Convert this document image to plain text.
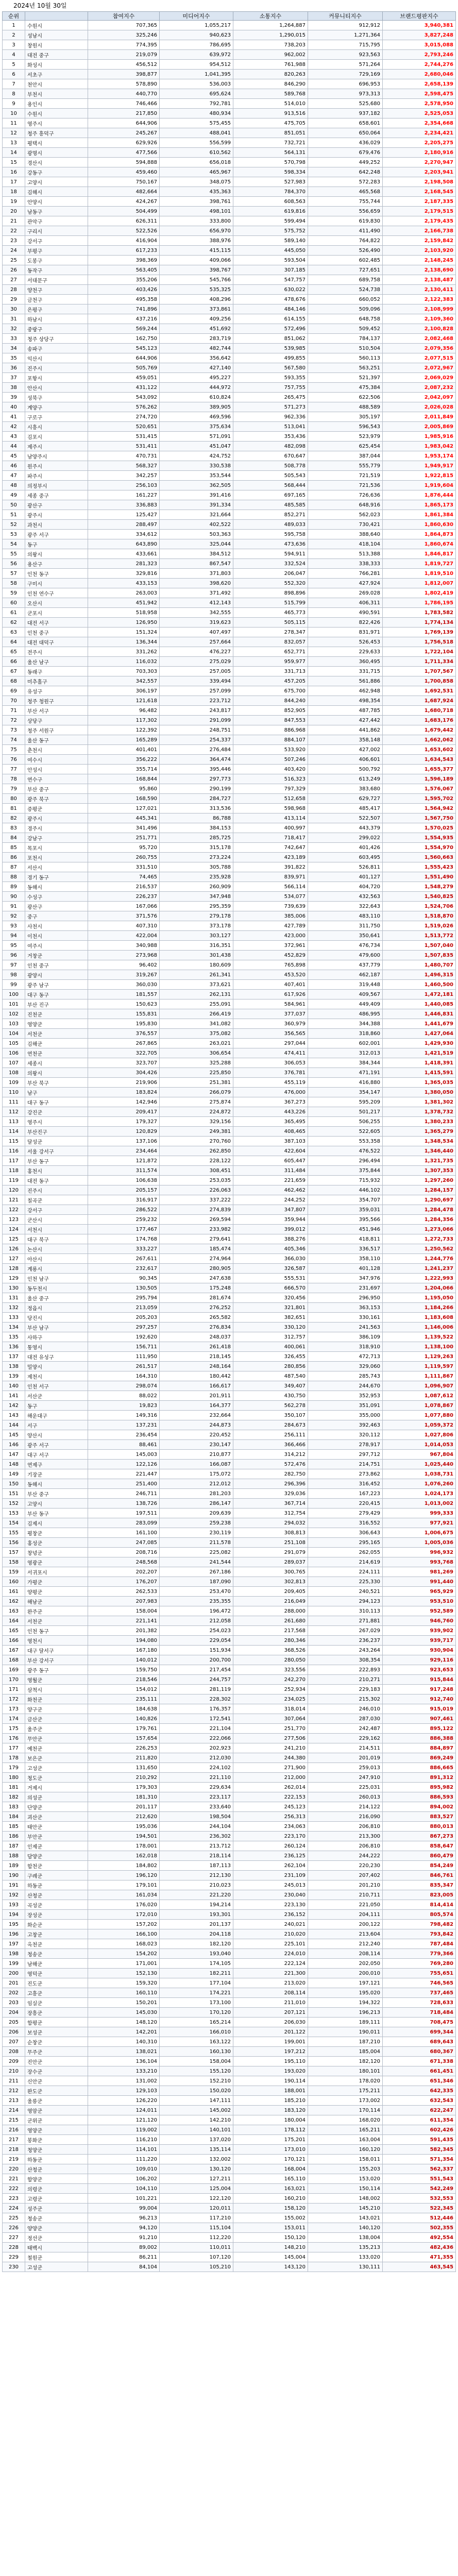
2024년 10월 30일
순위		참여지수	미디어지수	소통지수	커뮤니티지수	브랜드평판지수
1	수원시	707,365	1,055,217	1,264,887	912,912	3,940,381
2	성남시	325,246	940,623	1,290,015	1,271,364	3,827,248
3	창원시	774,395	786,695	738,203	715,795	3,015,088
4	대전 중구	219,079	639,972	962,002	923,563	2,793,246
5	화성시	456,512	954,512	761,988	571,264	2,744,276
6	서초구	398,877	1,041,395	820,263	729,169	2,680,046
7	천안시	578,890	536,003	846,290	696,953	2,658,139
8	부천시	440,770	695,624	589,768	973,313	2,598,475
9	용인시	746,466	792,781	514,010	525,680	2,578,950
10	수원시	217,850	480,934	913,516	937,182	2,525,053
11	영주시	644,906	575,455	475,705	658,601	2,354,668
12	청주 흥덕구	245,267	488,041	851,051	650,064	2,234,421
13	평택시	629,926	556,599	732,721	436,029	2,205,275
14	광명시	477,566	610,562	564,131	679,476	2,180,916
15	경산시	594,888	656,018	570,798	449,252	2,270,947
16	강동구	459,460	465,967	598,334	642,248	2,203,941
17	고양시	750,167	348,075	527,983	572,283	2,198,508
18	김해시	482,664	435,363	784,370	465,568	2,168,545
19	안양시	424,267	398,761	608,563	755,744	2,187,335
20	남동구	504,499	498,101	619,816	556,659	2,179,515
21	관악구	626,311	333,800	599,494	619,830	2,179,435
22	구리시	522,526	656,970	575,752	411,490	2,166,738
23	강서구	416,904	388,976	589,140	764,822	2,159,842
24	부평구	617,233	415,115	445,050	526,490	2,103,920
25	도봉구	398,369	409,066	593,504	602,485	2,148,245
26	동작구	563,405	398,767	307,185	727,651	2,138,690
27	서대문구	355,206	545,766	547,757	689,758	2,138,487
28	양천구	403,426	535,325	630,022	524,738	2,130,411
29	금천구	495,358	408,296	478,676	660,052	2,122,383
30	은평구	741,896	373,861	484,146	509,096	2,108,999
31	하남시	437,216	409,256	614,155	648,758	2,109,360
32	중랑구	569,244	451,692	572,496	509,452	2,100,828
33	청주 상당구	162,750	283,719	851,062	784,137	2,082,468
34	송파구	545,123	482,744	539,985	510,504	2,079,356
35	익산시	644,906	356,642	499,855	560,113	2,077,515
36	진주시	505,769	427,140	567,580	563,251	2,072,967
37	포항시	459,051	495,227	593,355	521,397	2,069,029
38	안산시	431,122	444,972	757,755	475,384	2,087,232
39	성북구	543,092	610,824	265,475	622,506	2,042,097
40	계양구	576,262	389,905	571,273	488,589	2,026,028
41	구로구	274,720	469,596	962,336	305,197	2,011,849
42	시흥시	520,651	375,634	513,041	596,543	2,005,869
43	김포시	531,415	571,091	353,436	523,979	1,985,916
44	제주시	531,411	451,047	482,098	625,454	1,983,042
45	남양주시	470,731	424,752	670,647	387,044	1,953,174
46	원주시	568,327	330,538	508,778	555,779	1,949,917
47	파주시	342,257	353,544	505,543	721,519	1,922,815
48	의정부시	256,103	362,505	568,444	721,536	1,919,604
49	세종 중구	161,227	391,416	697,165	726,636	1,876,444
50	광산구	336,883	391,334	485,585	648,916	1,865,173
51	광주시	125,427	321,664	852,271	562,023	1,861,384
52	과천시	288,497	402,522	489,033	730,421	1,860,630
53	광주 서구	334,612	503,363	595,758	388,640	1,864,873
54	동구	643,890	325,044	473,636	418,104	1,860,674
55	의왕시	433,661	384,512	594,911	513,388	1,846,817
56	용산구	281,323	867,547	332,524	338,333	1,819,727
57	인천 동구	329,816	371,803	206,047	766,281	1,819,510
58	구미시	433,153	398,620	552,320	427,924	1,812,007
59	인천 연수구	263,003	371,492	898,896	269,028	1,802,419
60	오산시	451,942	412,143	515,799	406,311	1,786,195
61	군포시	518,958	342,555	465,773	490,591	1,783,582
62	대전 서구	126,950	319,623	505,115	822,426	1,774,134
63	인천 중구	151,324	407,497	278,347	831,971	1,769,139
64	대전 대덕구	136,344	257,664	832,057	526,453	1,756,518
65	전주시	331,262	476,227	652,771	229,633	1,722,104
66	울산 남구	116,032	275,029	959,977	360,495	1,711,334
67	동래구	703,303	257,005	331,713	331,715	1,707,567
68	미추홀구	342,557	339,494	457,205	561,886	1,700,858
69	유성구	306,197	257,099	675,700	462,948	1,692,531
70	청주 청원구	121,618	223,712	844,240	498,354	1,687,924
71	부산 서구	96,482	243,817	852,905	487,785	1,680,718
72	상당구	117,302	291,099	847,553	427,442	1,683,176
73	청주 서원구	122,392	248,751	886,968	441,862	1,679,442
74	울산 동구	165,289	254,337	884,107	358,148	1,662,062
75	춘천시	401,401	276,484	533,920	427,002	1,653,602
76	여수시	356,222	364,474	507,246	406,601	1,634,543
77	안성시	355,714	395,446	403,420	500,792	1,655,377
78	연수구	168,844	297,773	516,323	613,249	1,596,189
79	부산 중구	95,860	290,199	797,329	383,680	1,576,067
80	광주 북구	168,590	284,727	512,658	629,727	1,595,702
81	증평군	127,021	313,536	598,968	485,417	1,564,942
82	광주시	445,341	86,788	413,114	522,507	1,567,750
83	경주시	341,496	384,153	400,997	443,379	1,570,025
84	강남구	251,771	285,725	718,417	299,022	1,554,935
85	목포시	95,720	315,178	742,647	401,426	1,554,970
86	포천시	260,755	273,224	423,189	603,495	1,560,663
87	서산시	331,510	305,788	391,822	526,811	1,555,423
88	경기 동구	74,465	235,928	839,971	401,127	1,551,490
89	동해시	216,537	260,909	566,114	404,720	1,548,279
90	수성구	226,237	347,948	534,077	432,563	1,540,825
91	광산구	167,066	295,359	739,639	322,643	1,524,706
92	중구	371,576	279,178	385,006	483,110	1,518,870
93	사천시	407,310	373,178	427,789	311,750	1,519,026
94	이천시	422,004	303,127	423,000	350,641	1,513,772
95	여주시	340,988	316,351	372,961	476,734	1,507,040
96	거창군	273,968	301,438	452,829	479,600	1,507,835
97	인천 중구	96,402	180,609	765,898	437,779	1,480,707
98	광양시	319,267	261,341	453,520	462,187	1,496,315
99	광주 남구	360,030	373,621	407,401	319,448	1,460,500
100	대구 동구	181,557	262,131	617,926	409,567	1,472,181
101	부산 진구	150,623	255,091	584,961	449,409	1,440,085
102	진천군	155,831	266,419	377,037	486,995	1,446,831
103	영양군	195,830	341,082	360,979	344,388	1,441,679
104	서천군	376,557	375,082	356,565	318,860	1,427,064
105	김해군	267,865	263,021	297,044	602,001	1,429,930
106	연천군	322,705	306,654	474,411	312,013	1,421,519
107	세종시	323,707	325,288	306,053	384,344	1,418,391
108	의왕시	304,426	225,850	376,781	471,191	1,415,591
109	부산 북구	219,906	251,381	455,119	416,880	1,365,035
110	남구	183,824	266,079	476,000	354,147	1,380,050
111	대구 동구	142,946	275,874	367,273	595,209	1,381,302
112	강진군	209,417	224,872	443,226	501,217	1,378,732
113	영주시	179,327	329,156	365,495	506,255	1,380,233
114	부산진구	120,829	249,381	408,465	522,605	1,365,279
115	달성군	137,106	270,760	387,103	553,358	1,348,534
116	서울 강서구	234,464	262,850	422,604	476,522	1,346,440
117	부산 동구	121,872	228,122	605,447	296,494	1,321,735
118	홍천시	311,574	308,451	311,484	375,844	1,307,353
119	대전 동구	106,638	253,035	221,659	715,932	1,297,260
120	진주시	205,157	226,063	462,462	446,102	1,284,157
121	칠곡군	316,917	337,222	244,252	354,707	1,290,697
122	강서구	286,522	274,839	347,807	359,031	1,284,478
123	군산시	259,232	269,594	359,944	395,566	1,284,356
124	서천시	177,467	233,982	399,012	451,946	1,273,066
125	대구 북구	174,768	279,641	388,276	418,811	1,272,733
126	논산시	333,227	185,474	405,346	336,517	1,250,562
127	아산시	267,611	274,964	366,030	358,110	1,244,776
128	계룡시	232,617	280,905	326,587	401,128	1,241,237
129	인천 남구	90,345	247,638	555,531	347,976	1,222,993
130	동두천시	130,505	175,248	666,570	231,697	1,204,066
131	울산 중구	295,794	281,674	320,456	296,950	1,195,050
132	정읍시	213,059	276,252	321,801	363,153	1,184,266
133	당진시	205,203	265,582	382,651	330,161	1,183,608
134	부산 남구	297,257	276,834	330,120	241,563	1,146,006
135	사하구	192,620	248,037	312,757	386,109	1,139,522
136	통영시	156,711	261,418	400,061	318,910	1,138,100
137	대전 유성구	111,950	218,145	326,455	472,713	1,129,263
138	밀양시	261,517	248,164	280,856	329,060	1,119,597
139	제천시	164,310	180,442	487,540	285,743	1,111,867
140	인천 서구	298,074	166,617	349,407	244,670	1,096,907
141	서산군	88,022	201,911	430,750	352,953	1,087,612
142	동구	19,823	164,377	562,278	351,091	1,078,867
143	해운대구	149,316	232,664	350,107	355,000	1,077,880
144	서구	137,231	244,873	284,673	392,463	1,059,372
145	양산시	236,454	220,452	256,111	320,112	1,027,806
146	광주 서구	88,461	230,147	366,466	278,917	1,014,053
147	대구 서구	145,003	210,877	314,212	297,712	967,804
148	연제구	122,126	166,087	572,476	214,751	1,025,440
149	기장군	221,447	175,072	282,750	273,862	1,038,731
150	동해시	251,400	212,012	296,396	316,452	1,076,260
151	부산 중구	246,711	281,203	329,036	167,223	1,024,173
152	고양시	138,726	286,147	367,714	220,415	1,013,002
153	부산 동구	197,511	209,639	312,754	279,429	999,333
154	김제시	283,099	259,238	294,032	316,552	977,921
155	평창군	161,100	230,119	308,813	306,643	1,006,675
156	홍성군	247,085	211,578	251,108	295,165	1,005,036
157	창녕군	208,716	225,082	291,079	262,055	996,932
158	영광군	248,568	241,544	289,037	214,619	993,768
159	서귀포시	202,207	267,186	300,765	224,111	981,269
160	가평군	176,207	187,090	302,813	225,330	991,440
161	양평군	262,533	253,470	209,405	240,521	965,929
162	해남군	207,983	235,355	216,049	294,123	953,510
163	완주군	158,004	196,472	288,000	310,113	952,589
164	서천군	221,141	212,058	261,680	271,881	946,760
165	인천 동구	201,382	254,023	217,568	267,029	939,902
166	영천시	194,080	229,054	280,346	236,237	939,717
167	대구 달서구	167,180	151,934	368,526	243,264	930,904
168	부산 강서구	140,012	200,700	280,050	308,354	929,116
169	광주 동구	159,750	217,454	323,556	222,893	923,653
170	영월군	218,546	244,757	242,270	210,271	915,844
171	삼척시	154,012	281,119	252,934	229,183	917,248
172	화천군	235,111	228,302	234,025	215,302	912,740
173	양구군	184,638	176,357	318,014	246,010	915,019
174	금산군	140,826	172,541	307,064	287,030	907,461
175	울주군	179,761	221,104	251,770	242,487	895,122
176	무안군	157,654	222,066	277,506	229,162	886,388
177	예천군	226,253	202,923	241,210	214,511	884,897
178	보은군	211,820	212,030	244,380	201,019	869,249
179	고성군	131,650	224,102	271,900	259,013	886,665
180	청도군	210,292	221,110	212,000	247,910	891,312
181	거제시	179,303	229,634	262,014	225,031	895,982
182	의성군	181,310	223,117	222,153	260,013	886,593
183	단양군	201,117	233,640	245,123	214,122	894,002
184	괴산군	212,620	198,504	256,313	216,090	883,527
185	태안군	195,036	244,104	234,063	206,810	880,013
186	부안군	194,501	236,302	223,170	213,300	867,273
187	인제군	178,001	213,712	260,124	206,810	858,647
188	담양군	162,018	218,114	236,125	244,222	860,479
189	합천군	184,802	187,113	262,104	220,230	854,249
190	구례군	196,120	212,130	231,109	207,402	846,761
191	하동군	179,101	210,023	245,013	201,210	835,347
192	산청군	161,034	221,220	230,040	210,711	823,005
193	곡성군	176,020	194,214	223,130	221,050	814,414
194	장성군	172,010	193,301	236,152	204,111	805,574
195	화순군	157,202	201,137	240,021	200,122	798,482
196	고창군	166,100	204,118	210,020	213,604	793,842
197	옥천군	168,023	182,120	225,101	212,240	787,484
198	청송군	154,202	193,040	224,010	208,114	779,366
199	남해군	171,001	174,105	222,124	202,050	769,280
200	영덕군	152,130	182,211	221,300	200,010	755,651
201	진도군	159,320	177,104	213,020	197,121	746,565
202	고흥군	160,110	174,221	208,114	195,020	737,465
203	임실군	150,201	173,100	211,010	194,322	728,633
204	장흥군	145,030	170,120	207,121	196,213	718,484
205	함평군	148,120	165,214	206,030	189,111	708,475
206	보성군	142,201	166,010	201,122	190,011	699,344
207	순창군	140,310	163,122	199,001	187,210	689,643
208	무주군	138,021	160,130	197,212	185,004	680,367
209	진안군	136,104	158,004	195,110	182,120	671,338
210	장수군	133,210	155,120	193,020	180,101	661,451
211	신안군	131,002	152,210	190,114	178,020	651,346
212	완도군	129,103	150,020	188,001	175,211	642,335
213	울릉군	126,220	147,111	185,210	173,002	632,543
214	영암군	124,011	145,002	183,120	170,114	622,247
215	군위군	121,120	142,210	180,004	168,020	611,354
216	영양군	119,002	140,101	178,112	165,211	602,426
217	봉화군	116,210	137,020	175,201	163,004	591,435
218	청양군	114,101	135,114	173,010	160,120	582,345
219	하동군	111,220	132,002	170,121	158,011	571,354
220	산청군	109,010	130,120	168,004	155,203	562,337
221	함양군	106,202	127,211	165,110	153,020	551,543
222	의령군	104,110	125,004	163,021	150,114	542,249
223	고령군	101,221	122,120	160,210	148,002	532,553
224	성주군	99,004	120,011	158,120	145,210	522,345
225	청송군	96,213	117,210	155,002	143,021	512,446
226	양양군	94,120	115,104	153,011	140,120	502,355
227	정선군	91,210	112,220	150,120	138,004	492,554
228	태백시	89,002	110,011	148,210	135,213	482,436
229	철원군	86,211	107,120	145,004	133,020	471,355
230	고성군	84,104	105,210	143,120	130,111	463,545
